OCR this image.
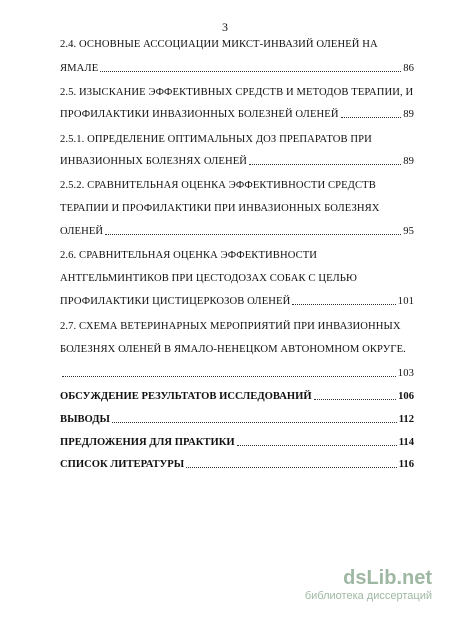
3
2.4. ОСНОВНЫЕ АССОЦИАЦИИ МИКСТ-ИНВАЗИЙ ОЛЕНЕЙ НА
ЯМАЛЕ	86
2.5. ИЗЫСКАНИЕ ЭФФЕКТИВНЫХ СРЕДСТВ И МЕТОДОВ ТЕРАПИИ, И
ПРОФИЛАКТИКИ ИНВАЗИОННЫХ БОЛЕЗНЕЙ ОЛЕНЕЙ	89
2.5.1. ОПРЕДЕЛЕНИЕ ОПТИМАЛЬНЫХ ДОЗ ПРЕПАРАТОВ ПРИ
ИНВАЗИОННЫХ БОЛЕЗНЯХ ОЛЕНЕЙ	89
2.5.2. СРАВНИТЕЛЬНАЯ ОЦЕНКА ЭФФЕКТИВНОСТИ СРЕДСТВ
ТЕРАПИИ И ПРОФИЛАКТИКИ ПРИ ИНВАЗИОННЫХ БОЛЕЗНЯХ
ОЛЕНЕЙ	95
2.6. СРАВНИТЕЛЬНАЯ ОЦЕНКА ЭФФЕКТИВНОСТИ
АНТГЕЛЬМИНТИКОВ ПРИ ЦЕСТОДОЗАХ СОБАК С ЦЕЛЬЮ
ПРОФИЛАКТИКИ ЦИСТИЦЕРКОЗОВ ОЛЕНЕЙ	101
2.7. СХЕМА ВЕТЕРИНАРНЫХ МЕРОПРИЯТИЙ ПРИ ИНВАЗИОННЫХ
БОЛЕЗНЯХ ОЛЕНЕЙ В ЯМАЛО-НЕНЕЦКОМ АВТОНОМНОМ ОКРУГЕ.
103
ОБСУЖДЕНИЕ РЕЗУЛЬТАТОВ ИССЛЕДОВАНИЙ	106
ВЫВОДЫ	112
ПРЕДЛОЖЕНИЯ ДЛЯ ПРАКТИКИ	114
СПИСОК ЛИТЕРАТУРЫ	116
dsLib.net
библиотека диссертаций
